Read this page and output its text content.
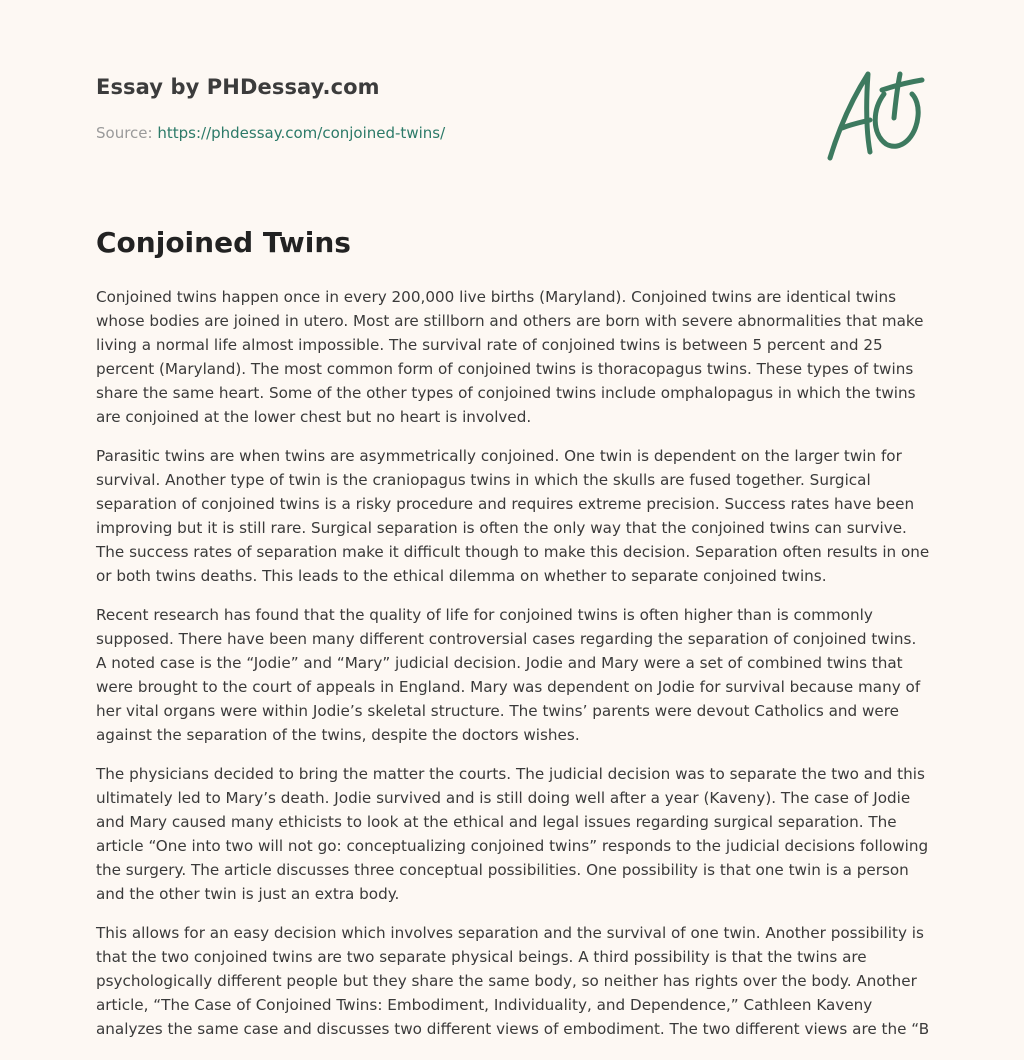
Essay by PHDessay.com
Source: https://phdessay.com/conjoined-twins/
Conjoined Twins

Conjoined twins happen once in every 200,000 live births (Maryland). Conjoined twins are identical twins whose bodies are joined in utero. Most are stillborn and others are born with severe abnormalities that make living a normal life almost impossible. The survival rate of conjoined twins is between 5 percent and 25 percent (Maryland). The most common form of conjoined twins is thoracopagus twins. These types of twins share the same heart. Some of the other types of conjoined twins include omphalopagus in which the twins are conjoined at the lower chest but no heart is involved.

Parasitic twins are when twins are asymmetrically conjoined. One twin is dependent on the larger twin for survival. Another type of twin is the craniopagus twins in which the skulls are fused together. Surgical separation of conjoined twins is a risky procedure and requires extreme precision. Success rates have been improving but it is still rare. Surgical separation is often the only way that the conjoined twins can survive. The success rates of separation make it difficult though to make this decision. Separation often results in one or both twins deaths. This leads to the ethical dilemma on whether to separate conjoined twins.

Recent research has found that the quality of life for conjoined twins is often higher than is commonly supposed. There have been many different controversial cases regarding the separation of conjoined twins. A noted case is the “Jodie” and “Mary” judicial decision. Jodie and Mary were a set of combined twins that were brought to the court of appeals in England. Mary was dependent on Jodie for survival because many of her vital organs were within Jodie’s skeletal structure. The twins’ parents were devout Catholics and were against the separation of the twins, despite the doctors wishes.

The physicians decided to bring the matter the courts. The judicial decision was to separate the two and this ultimately led to Mary’s death. Jodie survived and is still doing well after a year (Kaveny). The case of Jodie and Mary caused many ethicists to look at the ethical and legal issues regarding surgical separation. The article “One into two will not go: conceptualizing conjoined twins” responds to the judicial decisions following the surgery. The article discusses three conceptual possibilities. One possibility is that one twin is a person and the other twin is just an extra body.

This allows for an easy decision which involves separation and the survival of one twin. Another possibility is that the two conjoined twins are two separate physical beings. A third possibility is that the twins are psychologically different people but they share the same body, so neither has rights over the body. Another article, “The Case of Conjoined Twins: Embodiment, Individuality, and Dependence,” Cathleen Kaveny analyzes the same case and discusses two different views of embodiment. The two different views are the “B
